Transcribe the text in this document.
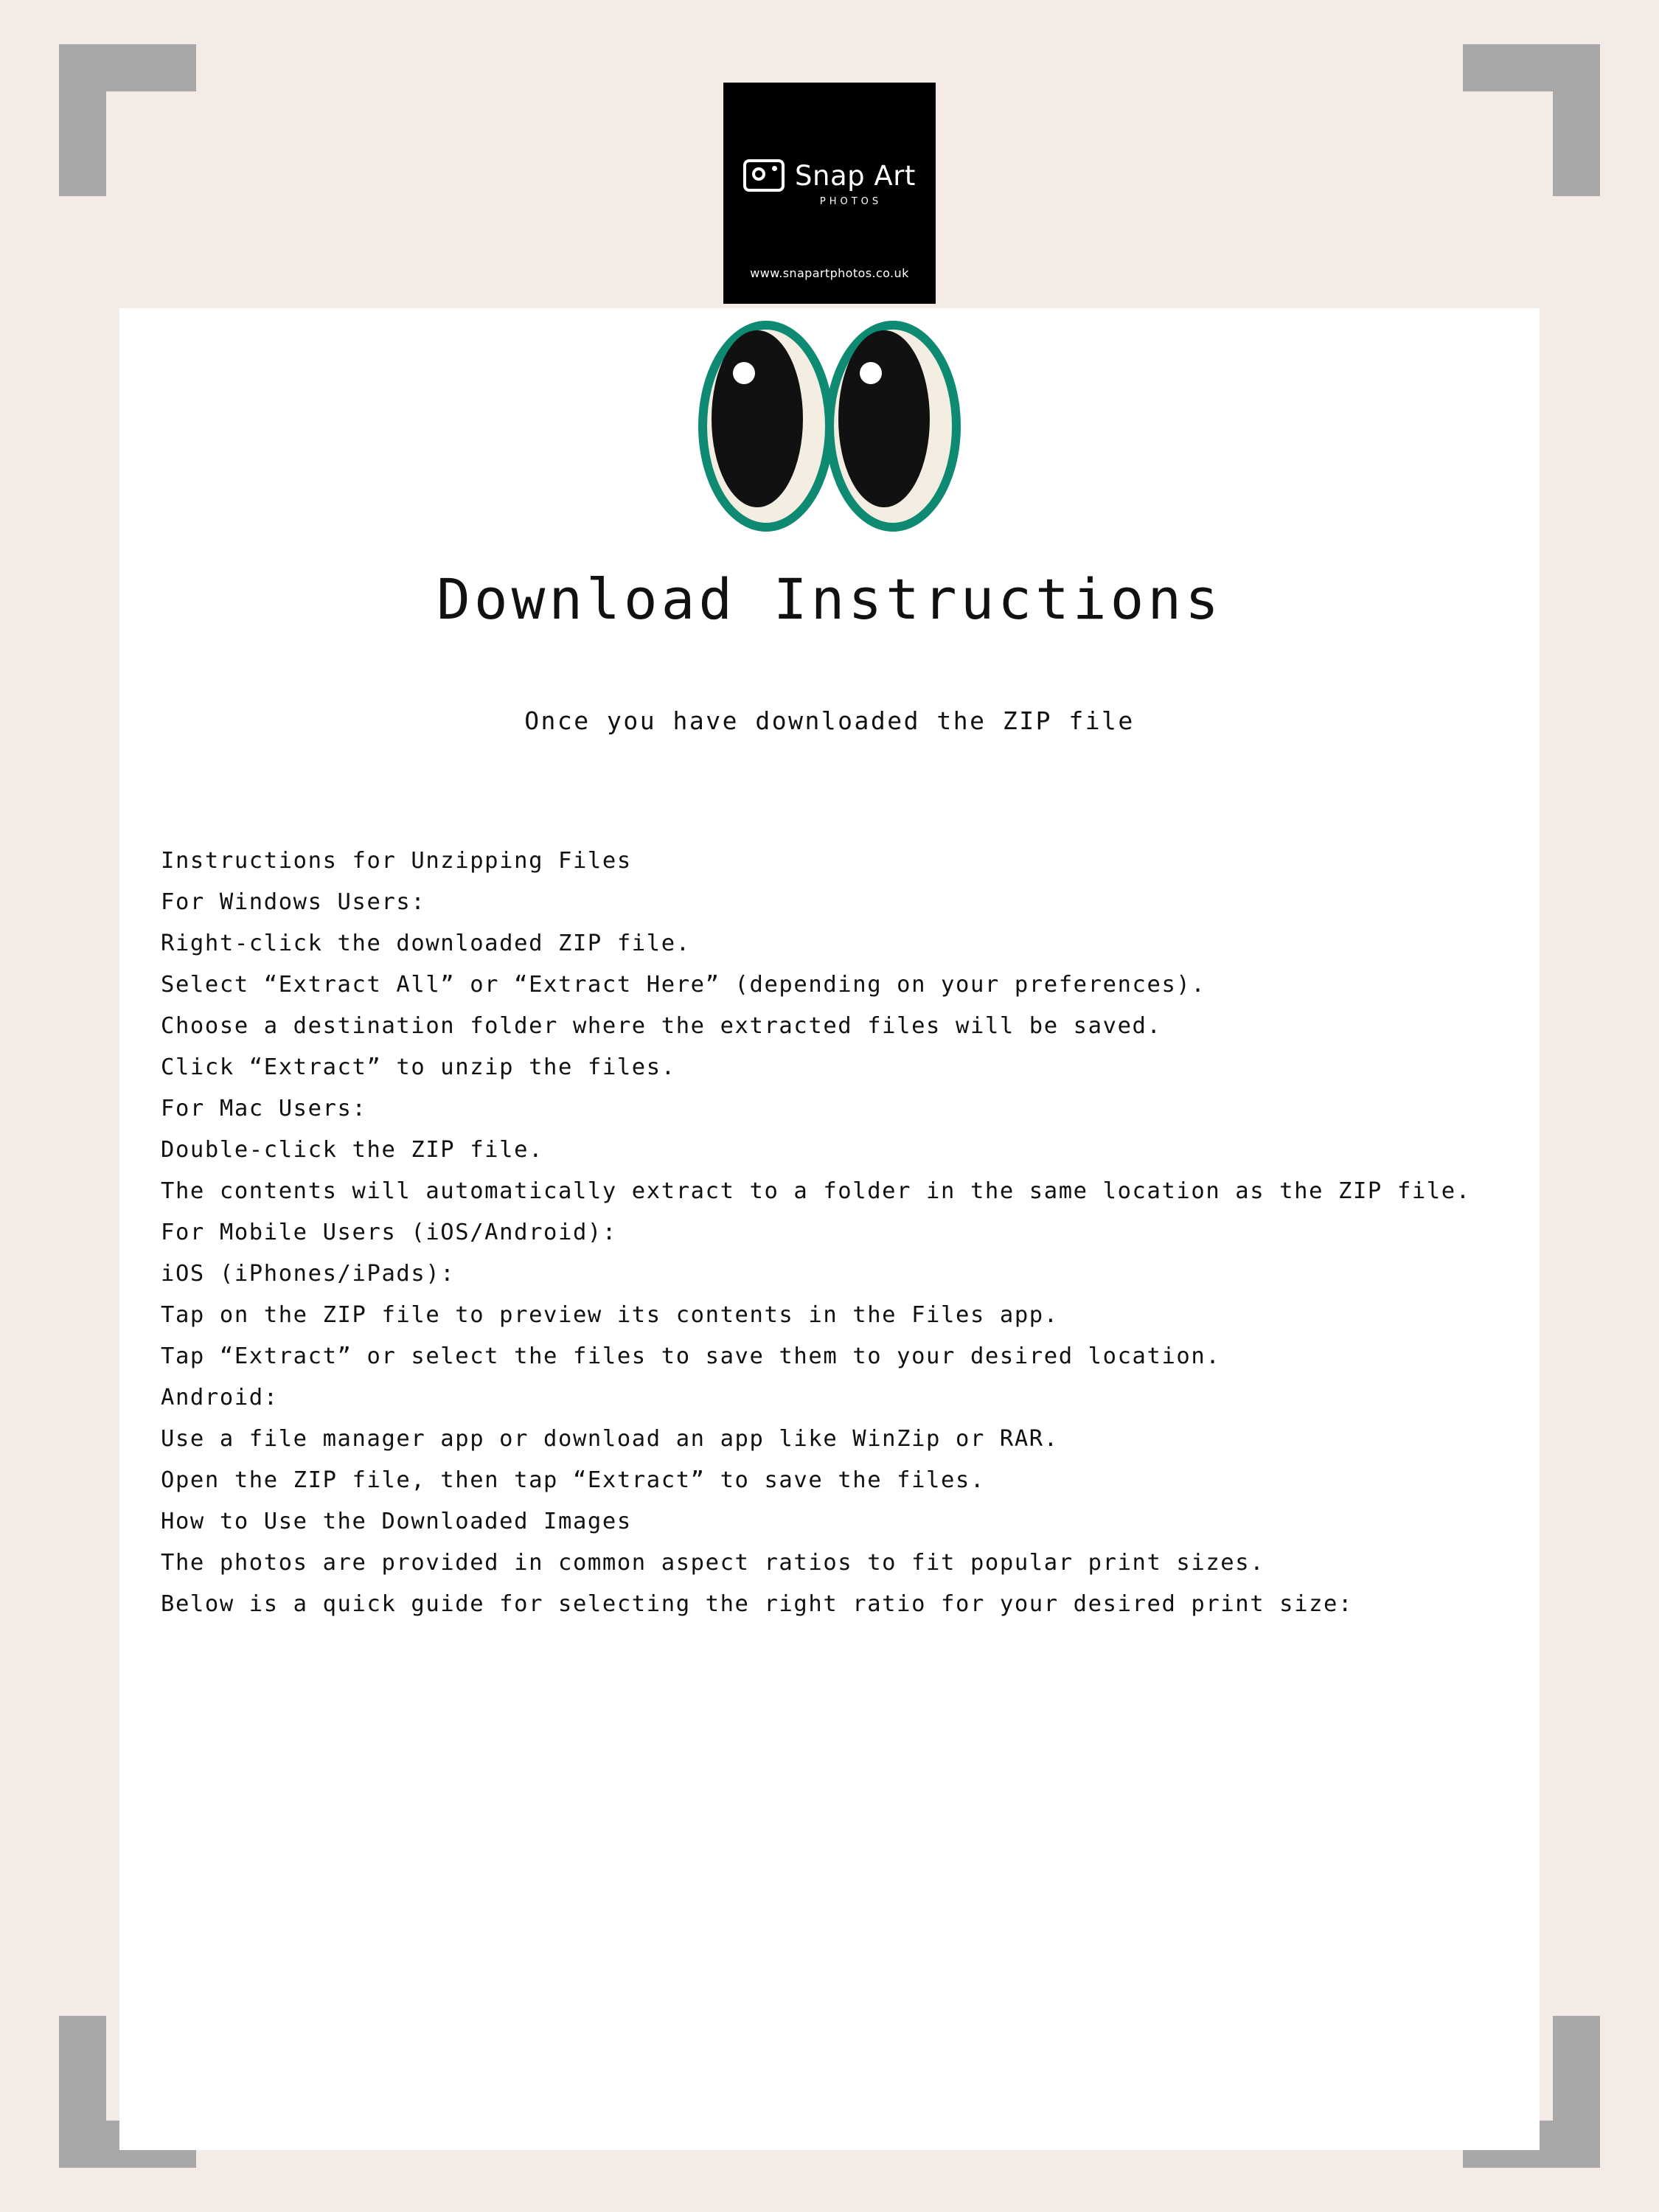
Snap Art
PHOTOS
www.snapartphotos.co.uk
Download Instructions
Once you have downloaded the ZIP file

Instructions for Unzipping Files

For Windows Users:

Right-click the downloaded ZIP file.

Select “Extract All” or “Extract Here” (depending on your preferences).

Choose a destination folder where the extracted files will be saved.

Click “Extract” to unzip the files.

For Mac Users:

Double-click the ZIP file.

The contents will automatically extract to a folder in the same location as the ZIP file.

For Mobile Users (iOS/Android):

iOS (iPhones/iPads):

Tap on the ZIP file to preview its contents in the Files app.

Tap “Extract” or select the files to save them to your desired location.

Android:

Use a file manager app or download an app like WinZip or RAR.

Open the ZIP file, then tap “Extract” to save the files.

How to Use the Downloaded Images

The photos are provided in common aspect ratios to fit popular print sizes.

Below is a quick guide for selecting the right ratio for your desired print size:
